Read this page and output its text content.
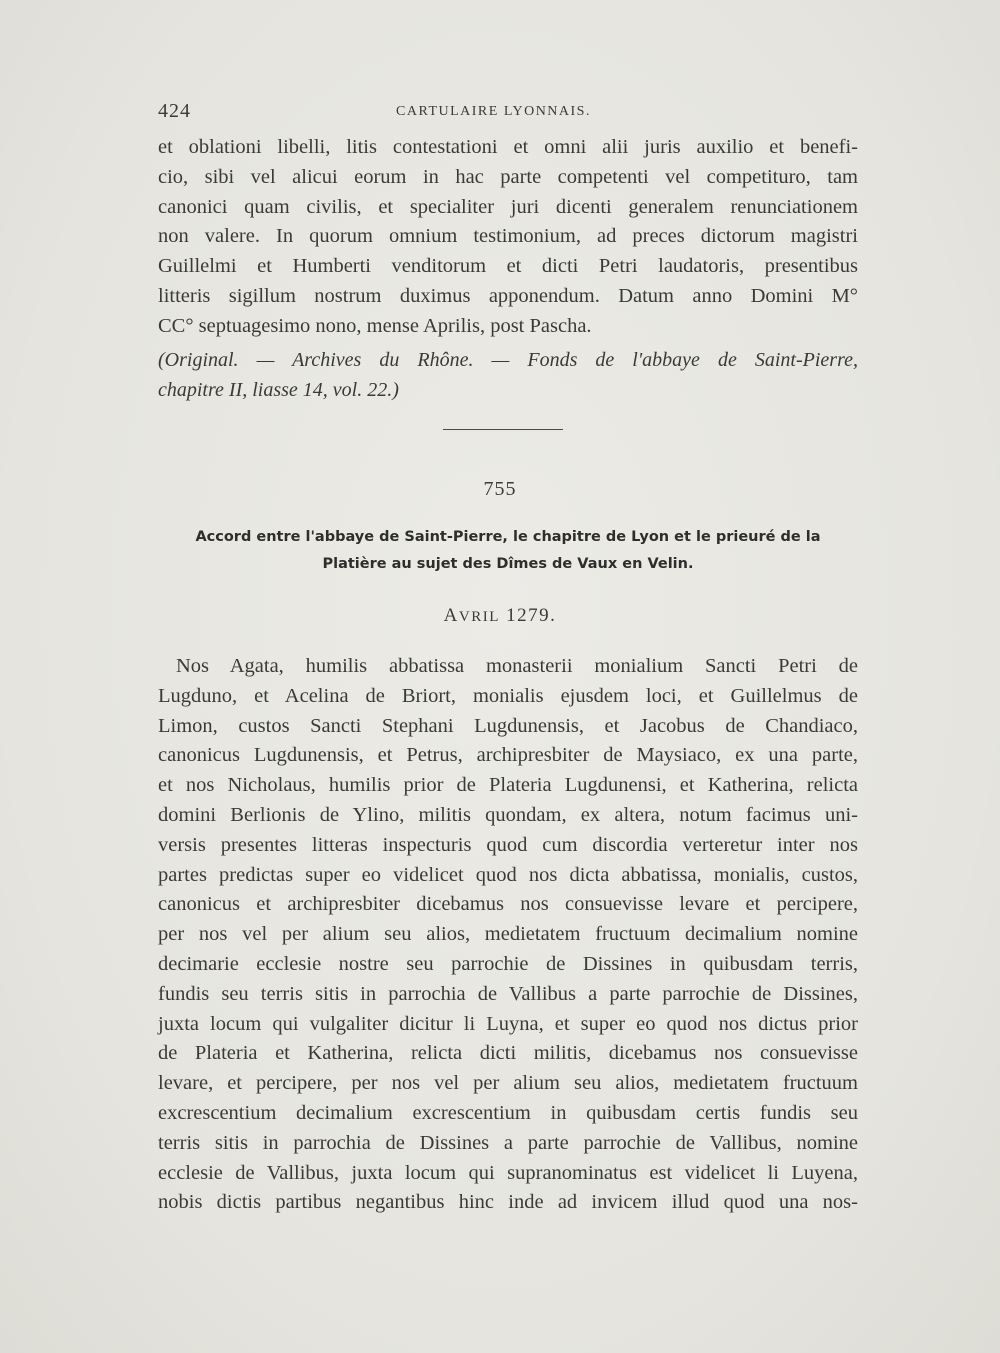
424	CARTULAIRE LYONNAIS.
et oblationi libelli, litis contestationi et omni alii juris auxilio et benefi-
cio, sibi vel alicui eorum in hac parte competenti vel competituro, tam
canonici quam civilis, et specialiter juri dicenti generalem renunciationem
non valere. In quorum omnium testimonium, ad preces dictorum magistri
Guillelmi et Humberti venditorum et dicti Petri laudatoris, presentibus
litteris sigillum nostrum duximus apponendum. Datum anno Domini M°
CC° septuagesimo nono, mense Aprilis, post Pascha.
(Original. — Archives du Rhône. — Fonds de l'abbaye de Saint-Pierre,
chapitre II, liasse 14, vol. 22.)
755
Accord entre l'abbaye de Saint-Pierre, le chapitre de Lyon et le prieuré de la
Platière au sujet des Dîmes de Vaux en Velin.
AVRIL 1279.
Nos Agata, humilis abbatissa monasterii monialium Sancti Petri de
Lugduno, et Acelina de Briort, monialis ejusdem loci, et Guillelmus de
Limon, custos Sancti Stephani Lugdunensis, et Jacobus de Chandiaco,
canonicus Lugdunensis, et Petrus, archipresbiter de Maysiaco, ex una parte,
et nos Nicholaus, humilis prior de Plateria Lugdunensi, et Katherina, relicta
domini Berlionis de Ylino, militis quondam, ex altera, notum facimus uni-
versis presentes litteras inspecturis quod cum discordia verteretur inter nos
partes predictas super eo videlicet quod nos dicta abbatissa, monialis, custos,
canonicus et archipresbiter dicebamus nos consuevisse levare et percipere,
per nos vel per alium seu alios, medietatem fructuum decimalium nomine
decimarie ecclesie nostre seu parrochie de Dissines in quibusdam terris,
fundis seu terris sitis in parrochia de Vallibus a parte parrochie de Dissines,
juxta locum qui vulgaliter dicitur li Luyna, et super eo quod nos dictus prior
de Plateria et Katherina, relicta dicti militis, dicebamus nos consuevisse
levare, et percipere, per nos vel per alium seu alios, medietatem fructuum
excrescentium decimalium excrescentium in quibusdam certis fundis seu
terris sitis in parrochia de Dissines a parte parrochie de Vallibus, nomine
ecclesie de Vallibus, juxta locum qui supranominatus est videlicet li Luyena,
nobis dictis partibus negantibus hinc inde ad invicem illud quod una nos-
